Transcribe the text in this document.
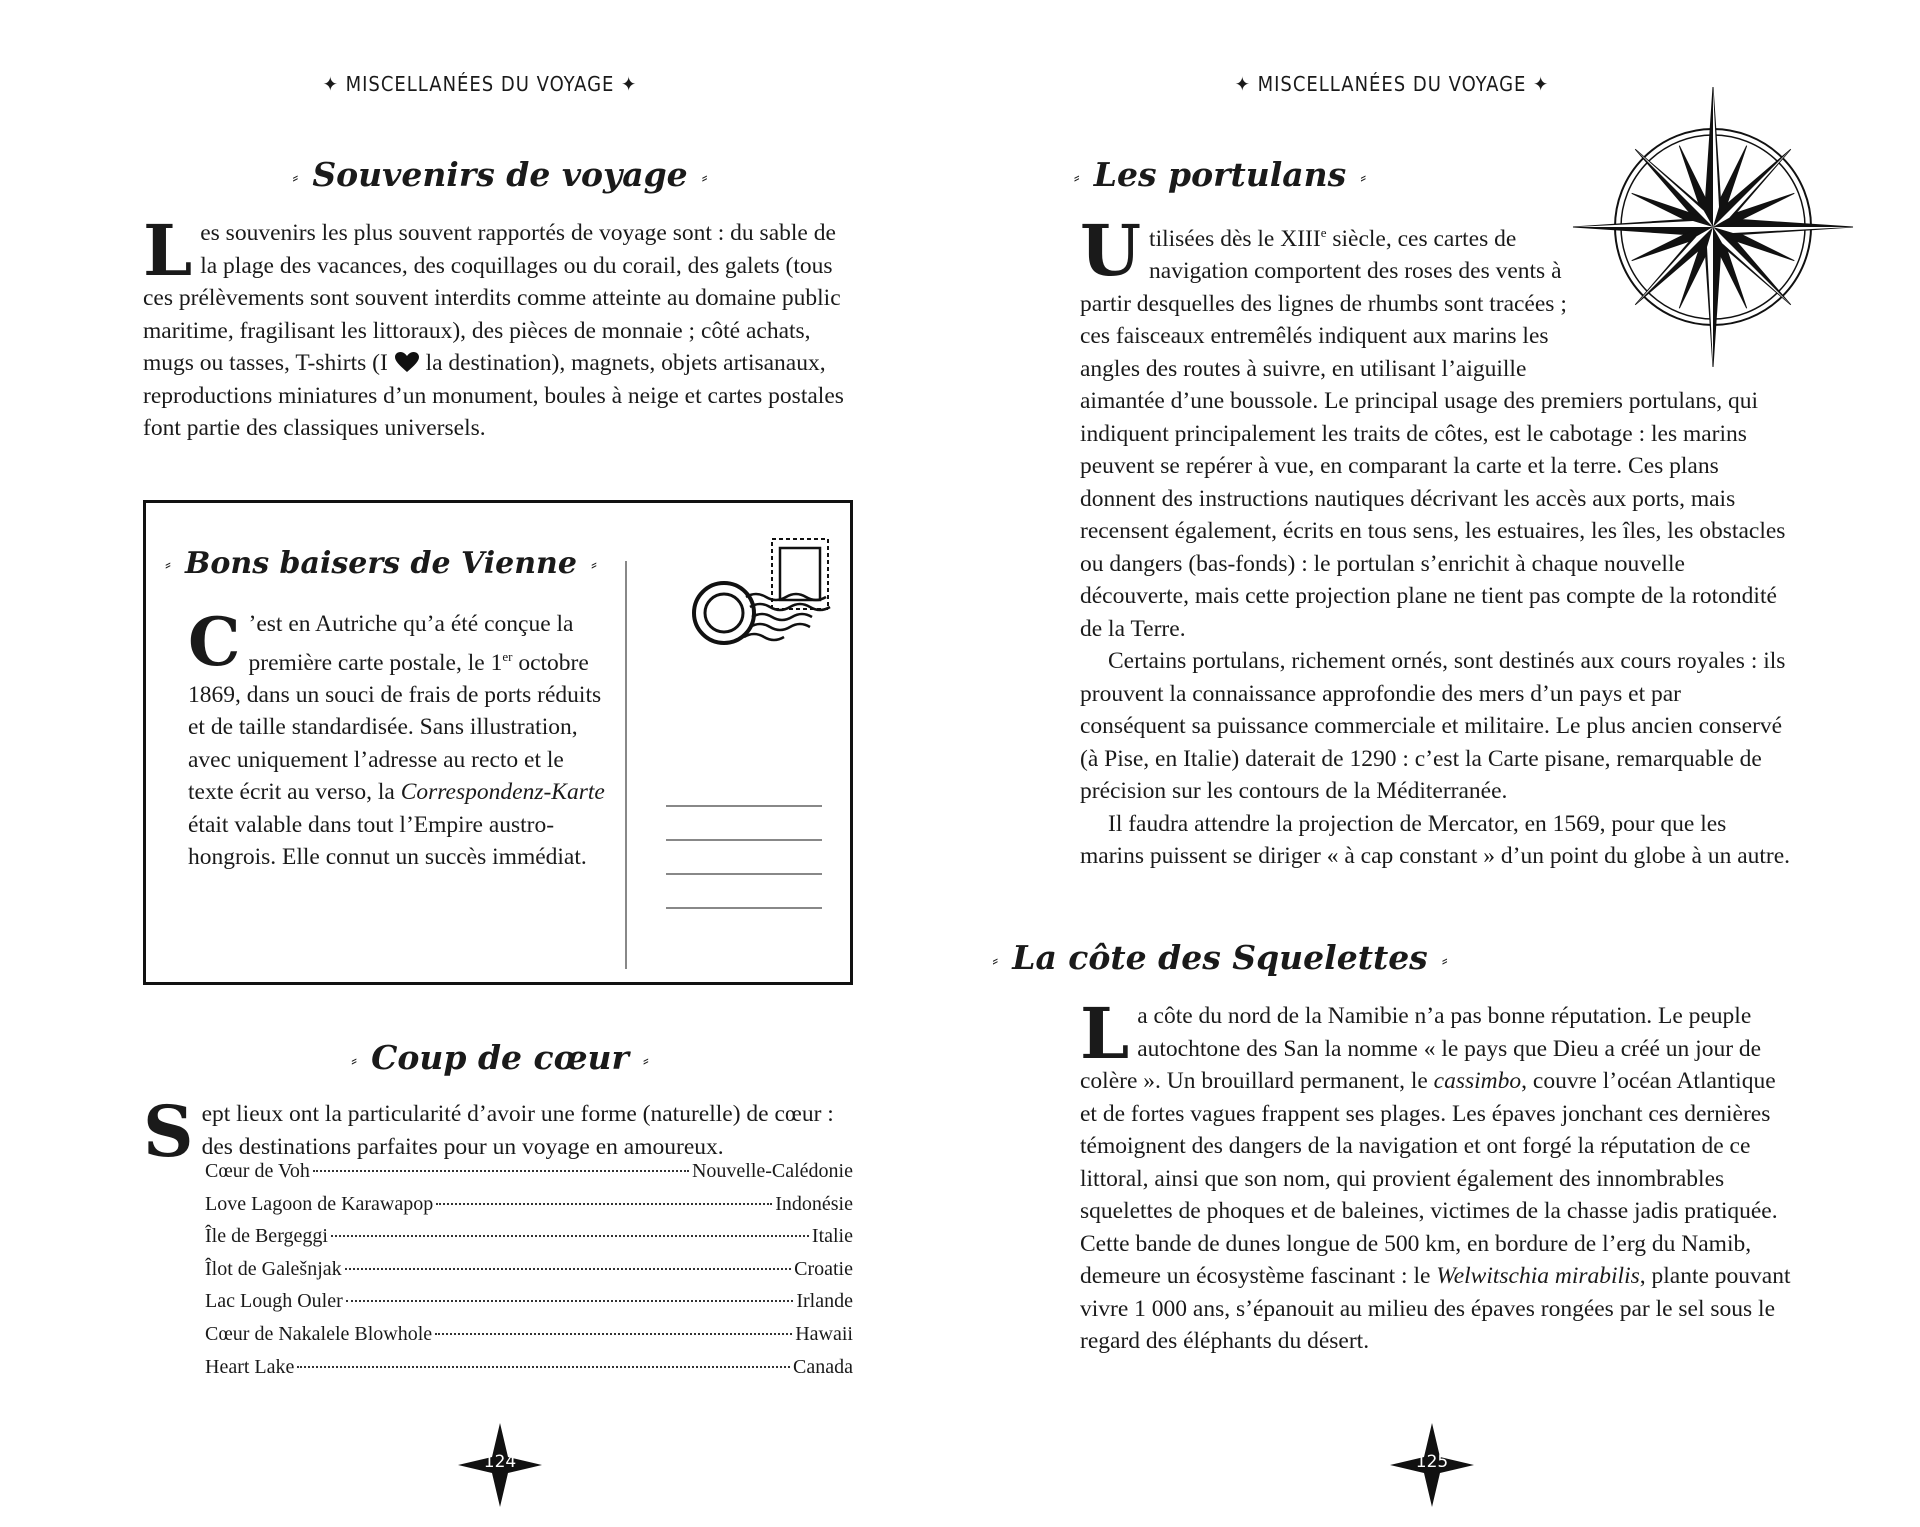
✦ MISCELLANÉES DU VOYAGE ✦
⸗ Souvenirs de voyage ⸗
L es souvenirs les plus souvent rapportés de voyage sont : du sable de la plage des vacances, des coquillages ou du corail, des galets (tous ces prélèvements sont souvent interdits comme atteinte au domaine public maritime, fragilisant les littoraux), des pièces de monnaie ; côté achats, mugs ou tasses, T-shirts (I la destination), magnets, objets artisanaux, reproductions miniatures d’un monument, boules à neige et cartes postales font partie des classiques universels.
⸗ Bons baisers de Vienne ⸗
C ’est en Autriche qu’a été conçue la première carte postale, le 1er octobre 1869, dans un souci de frais de ports réduits et de taille standardisée. Sans illustration, avec uniquement l’adresse au recto et le texte écrit au verso, la Correspondenz-Karte était valable dans tout l’Empire austro-hongrois. Elle connut un succès immédiat.
⸗ Coup de cœur ⸗
S ept lieux ont la particularité d’avoir une forme (naturelle) de cœur : des destinations parfaites pour un voyage en amoureux.
Cœur de Voh	Nouvelle-Calédonie
Love Lagoon de Karawapop	Indonésie
Île de Bergeggi	Italie
Îlot de Galešnjak	Croatie
Lac Lough Ouler	Irlande
Cœur de Nakalele Blowhole	Hawaii
Heart Lake	Canada
124
✦ MISCELLANÉES DU VOYAGE ✦
⸗ Les portulans ⸗

U tilisées dès le XIIIe siècle, ces cartes de navigation comportent des roses des vents à partir desquelles des lignes de rhumbs sont tracées ; ces faisceaux entremêlés indiquent aux marins les angles des routes à suivre, en utilisant l’aiguille aimantée d’une boussole. Le principal usage des premiers portulans, qui indiquent principalement les traits de côtes, est le cabotage : les marins peuvent se repérer à vue, en comparant la carte et la terre. Ces plans donnent des instructions nautiques décrivant les accès aux ports, mais recensent également, écrits en tous sens, les estuaires, les îles, les obstacles ou dangers (bas-fonds) : le portulan s’enrichit à chaque nouvelle découverte, mais cette projection plane ne tient pas compte de la rotondité de la Terre.

Certains portulans, richement ornés, sont destinés aux cours royales : ils prouvent la connaissance approfondie des mers d’un pays et par conséquent sa puissance commerciale et militaire. Le plus ancien conservé (à Pise, en Italie) daterait de 1290 : c’est la Carte pisane, remarquable de précision sur les contours de la Méditerranée.

Il faudra attendre la projection de Mercator, en 1569, pour que les marins puissent se diriger « à cap constant » d’un point du globe à un autre.

⸗ La côte des Squelettes ⸗
L a côte du nord de la Namibie n’a pas bonne réputation. Le peuple autochtone des San la nomme « le pays que Dieu a créé un jour de colère ». Un brouillard permanent, le cassimbo, couvre l’océan Atlantique et de fortes vagues frappent ses plages. Les épaves jonchant ces dernières témoignent des dangers de la navigation et ont forgé la réputation de ce littoral, ainsi que son nom, qui provient également des innombrables squelettes de phoques et de baleines, victimes de la chasse jadis pratiquée. Cette bande de dunes longue de 500 km, en bordure de l’erg du Namib, demeure un écosystème fascinant : le Welwitschia mirabilis, plante pouvant vivre 1 000 ans, s’épanouit au milieu des épaves rongées par le sel sous le regard des éléphants du désert.
125
